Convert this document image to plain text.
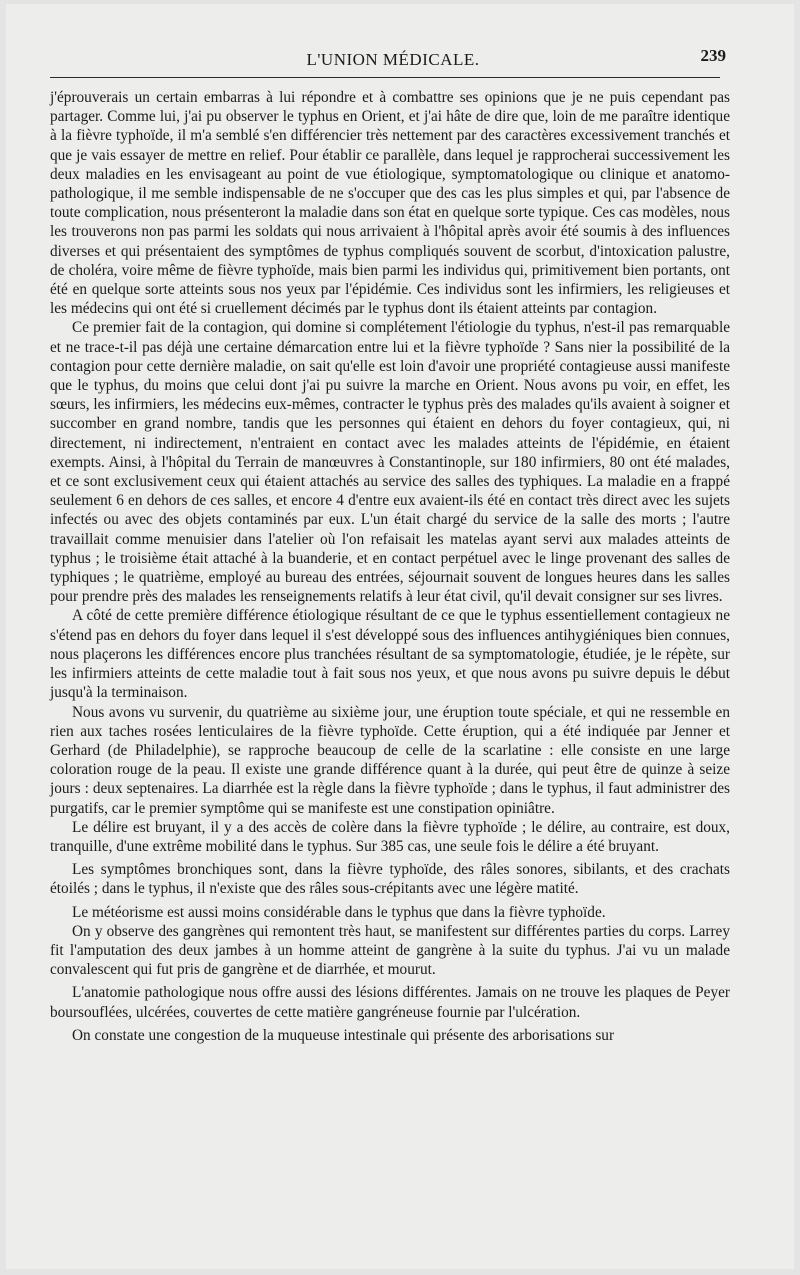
L'UNION MÉDICALE.	239

j'éprouverais un certain embarras à lui répondre et à combattre ses opinions que je ne puis cependant pas partager. Comme lui, j'ai pu observer le typhus en Orient, et j'ai hâte de dire que, loin de me paraître identique à la fièvre typhoïde, il m'a semblé s'en différencier très nettement par des caractères excessivement tranchés et que je vais essayer de mettre en relief. Pour établir ce parallèle, dans lequel je rapprocherai successivement les deux maladies en les envisageant au point de vue étiologique, symptomatologique ou clinique et anatomo-pathologique, il me semble indispensable de ne s'occuper que des cas les plus simples et qui, par l'absence de toute complication, nous présenteront la maladie dans son état en quelque sorte typique. Ces cas modèles, nous les trouverons non pas parmi les soldats qui nous arrivaient à l'hôpital après avoir été soumis à des influences diverses et qui présentaient des symptômes de typhus compliqués souvent de scorbut, d'intoxication palustre, de choléra, voire même de fièvre typhoïde, mais bien parmi les individus qui, primitivement bien portants, ont été en quelque sorte atteints sous nos yeux par l'épidémie. Ces individus sont les infirmiers, les religieuses et les médecins qui ont été si cruellement décimés par le typhus dont ils étaient atteints par contagion.

Ce premier fait de la contagion, qui domine si complétement l'étiologie du typhus, n'est-il pas remarquable et ne trace-t-il pas déjà une certaine démarcation entre lui et la fièvre typhoïde ? Sans nier la possibilité de la contagion pour cette dernière maladie, on sait qu'elle est loin d'avoir une propriété contagieuse aussi manifeste que le typhus, du moins que celui dont j'ai pu suivre la marche en Orient. Nous avons pu voir, en effet, les sœurs, les infirmiers, les médecins eux-mêmes, contracter le typhus près des malades qu'ils avaient à soigner et succomber en grand nombre, tandis que les personnes qui étaient en dehors du foyer contagieux, qui, ni directement, ni indirectement, n'entraient en contact avec les malades atteints de l'épidémie, en étaient exempts. Ainsi, à l'hôpital du Terrain de manœuvres à Constantinople, sur 180 infirmiers, 80 ont été malades, et ce sont exclusivement ceux qui étaient attachés au service des salles des typhiques. La maladie en a frappé seulement 6 en dehors de ces salles, et encore 4 d'entre eux avaient-ils été en contact très direct avec les sujets infectés ou avec des objets contaminés par eux. L'un était chargé du service de la salle des morts ; l'autre travaillait comme menuisier dans l'atelier où l'on refaisait les matelas ayant servi aux malades atteints de typhus ; le troisième était attaché à la buanderie, et en contact perpétuel avec le linge provenant des salles de typhiques ; le quatrième, employé au bureau des entrées, séjournait souvent de longues heures dans les salles pour prendre près des malades les renseignements relatifs à leur état civil, qu'il devait consigner sur ses livres.

A côté de cette première différence étiologique résultant de ce que le typhus essentiellement contagieux ne s'étend pas en dehors du foyer dans lequel il s'est développé sous des influences antihygiéniques bien connues, nous plaçerons les différences encore plus tranchées résultant de sa symptomatologie, étudiée, je le répète, sur les infirmiers atteints de cette maladie tout à fait sous nos yeux, et que nous avons pu suivre depuis le début jusqu'à la terminaison.

Nous avons vu survenir, du quatrième au sixième jour, une éruption toute spéciale, et qui ne ressemble en rien aux taches rosées lenticulaires de la fièvre typhoïde. Cette éruption, qui a été indiquée par Jenner et Gerhard (de Philadelphie), se rapproche beaucoup de celle de la scarlatine : elle consiste en une large coloration rouge de la peau. Il existe une grande différence quant à la durée, qui peut être de quinze à seize jours : deux septenaires. La diarrhée est la règle dans la fièvre typhoïde ; dans le typhus, il faut administrer des purgatifs, car le premier symptôme qui se manifeste est une constipation opiniâtre.

Le délire est bruyant, il y a des accès de colère dans la fièvre typhoïde ; le délire, au contraire, est doux, tranquille, d'une extrême mobilité dans le typhus. Sur 385 cas, une seule fois le délire a été bruyant.

Les symptômes bronchiques sont, dans la fièvre typhoïde, des râles sonores, sibilants, et des crachats étoilés ; dans le typhus, il n'existe que des râles sous-crépitants avec une légère matité.

Le météorisme est aussi moins considérable dans le typhus que dans la fièvre typhoïde.

On y observe des gangrènes qui remontent très haut, se manifestent sur différentes parties du corps. Larrey fit l'amputation des deux jambes à un homme atteint de gangrène à la suite du typhus. J'ai vu un malade convalescent qui fut pris de gangrène et de diarrhée, et mourut.

L'anatomie pathologique nous offre aussi des lésions différentes. Jamais on ne trouve les plaques de Peyer boursouflées, ulcérées, couvertes de cette matière gangréneuse fournie par l'ulcération.

On constate une congestion de la muqueuse intestinale qui présente des arborisations sur
